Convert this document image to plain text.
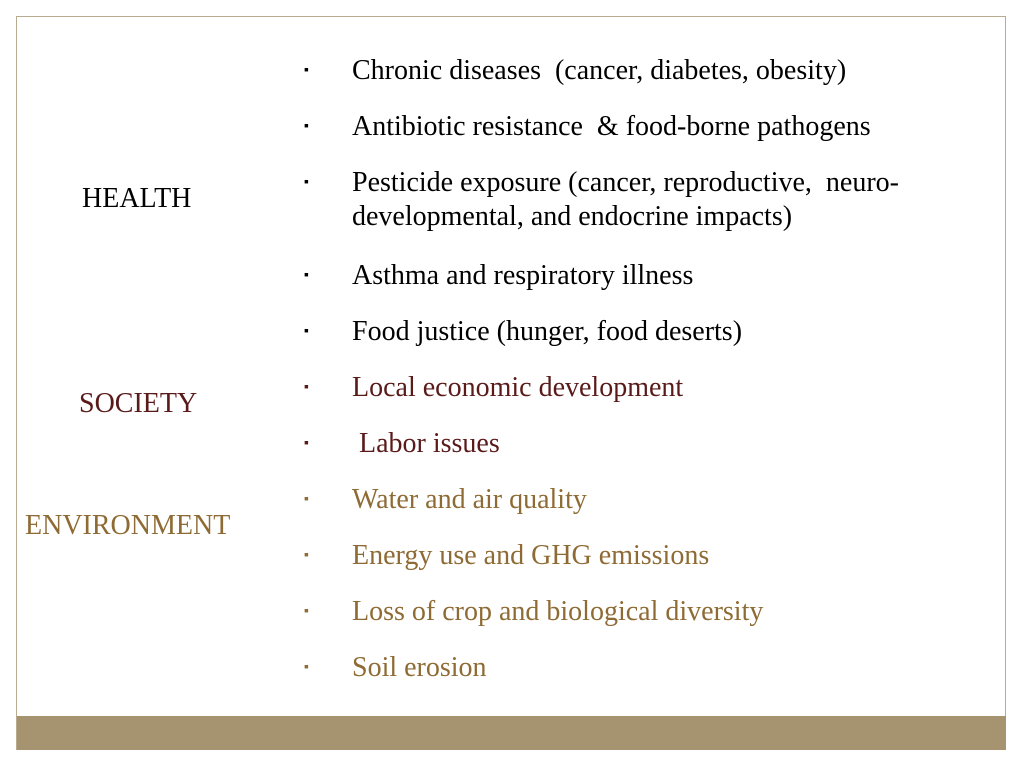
HEALTH
SOCIETY
ENVIRONMENT
▪ Chronic diseases  (cancer, diabetes, obesity)
▪ Antibiotic resistance  & food-borne pathogens
▪ Pesticide exposure (cancer, reproductive,  neuro-
developmental, and endocrine impacts)
▪ Asthma and respiratory illness
▪ Food justice (hunger, food deserts)
▪ Local economic development
▪ Labor issues
▪ Water and air quality
▪ Energy use and GHG emissions
▪ Loss of crop and biological diversity
▪ Soil erosion
